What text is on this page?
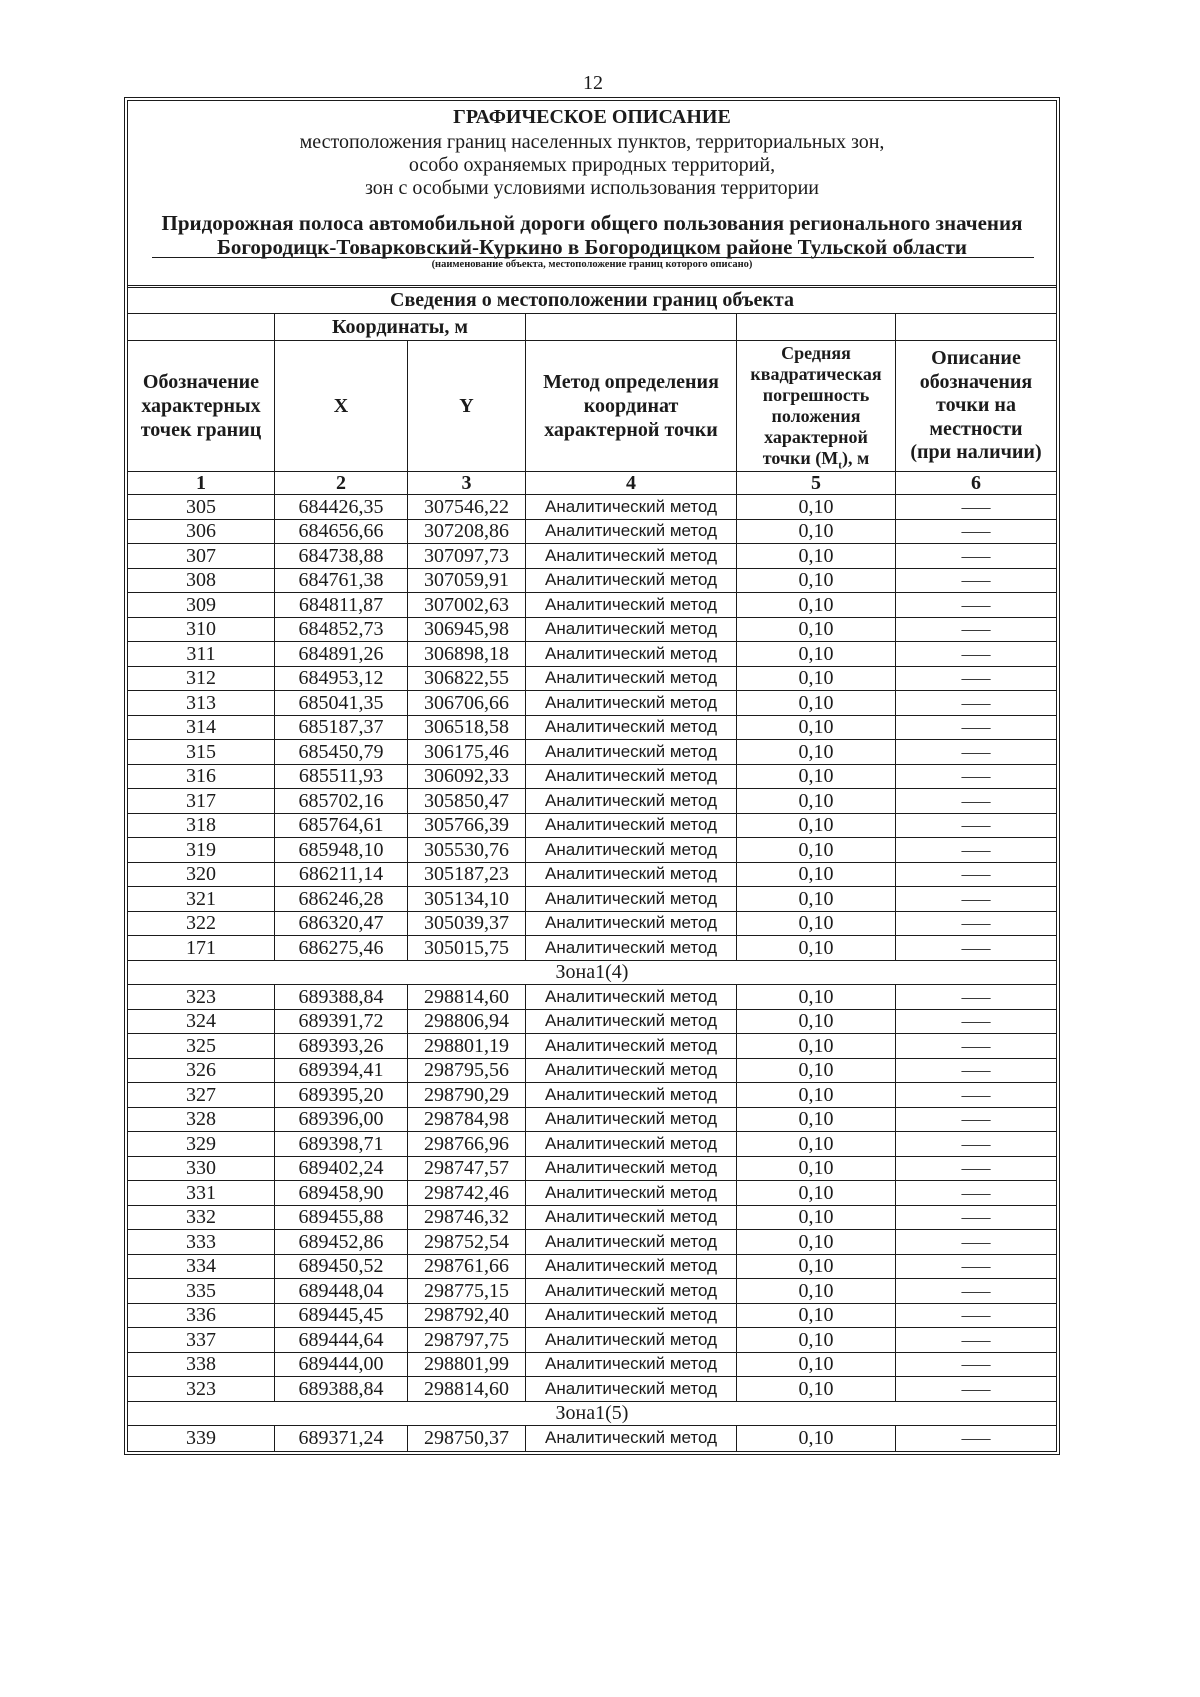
12
ГРАФИЧЕСКОЕ ОПИСАНИЕ
местоположения границ населенных пунктов, территориальных зон,
особо охраняемых природных территорий,
зон с особыми условиями использования территории
Придорожная полоса автомобильной дороги общего пользования регионального значения
Богородицк-Товарковский-Куркино в Богородицком районе Тульской области
(наименование объекта, местоположение границ которого описано)
Сведения о местоположении границ объекта
Координаты, м
Обозначение
характерных
точек границ
X	Y
Метод определения
координат
характерной точки
Средняя
квадратическая
погрешность
положения
характерной
точки $(M_t)$, м
Описание
обозначения
точки на
местности
(при наличии)
1	2	3	4	5	6
305	684426,35 307546,22 Аналитический метод	0,10	—
306	684656,66 307208,86 Аналитический метод	0,10	—
307	684738,88 307097,73 Аналитический метод	0,10	—
308	684761,38 307059,91 Аналитический метод	0,10	—
309	684811,87 307002,63 Аналитический метод	0,10	—
310	684852,73 306945,98 Аналитический метод	0,10	—
311	684891,26 306898,18 Аналитический метод	0,10	—
312	684953,12 306822,55 Аналитический метод	0,10	—
313	685041,35 306706,66 Аналитический метод	0,10	—
314	685187,37 306518,58 Аналитический метод	0,10	—
315	685450,79 306175,46 Аналитический метод	0,10	—
316	685511,93 306092,33 Аналитический метод	0,10	—
317	685702,16 305850,47 Аналитический метод	0,10	—
318	685764,61 305766,39 Аналитический метод	0,10	—
319	685948,10 305530,76 Аналитический метод	0,10	—
320	686211,14 305187,23 Аналитический метод	0,10	—
321	686246,28 305134,10 Аналитический метод	0,10	—
322	686320,47 305039,37 Аналитический метод	0,10	—
171	686275,46 305015,75 Аналитический метод	0,10	—
Зона1(4)
323	689388,84 298814,60 Аналитический метод	0,10	—
324	689391,72 298806,94 Аналитический метод	0,10	—
325	689393,26 298801,19 Аналитический метод	0,10	—
326	689394,41 298795,56 Аналитический метод	0,10	—
327	689395,20 298790,29 Аналитический метод	0,10	—
328	689396,00 298784,98 Аналитический метод	0,10	—
329	689398,71 298766,96 Аналитический метод	0,10	—
330	689402,24 298747,57 Аналитический метод	0,10	—
331	689458,90 298742,46 Аналитический метод	0,10	—
332	689455,88 298746,32 Аналитический метод	0,10	—
333	689452,86 298752,54 Аналитический метод	0,10	—
334	689450,52 298761,66 Аналитический метод	0,10	—
335	689448,04 298775,15 Аналитический метод	0,10	—
336	689445,45 298792,40 Аналитический метод	0,10	—
337	689444,64 298797,75 Аналитический метод	0,10	—
338	689444,00 298801,99 Аналитический метод	0,10	—
323	689388,84 298814,60 Аналитический метод	0,10	—
Зона1(5)
339	689371,24 298750,37 Аналитический метод	0,10	—
